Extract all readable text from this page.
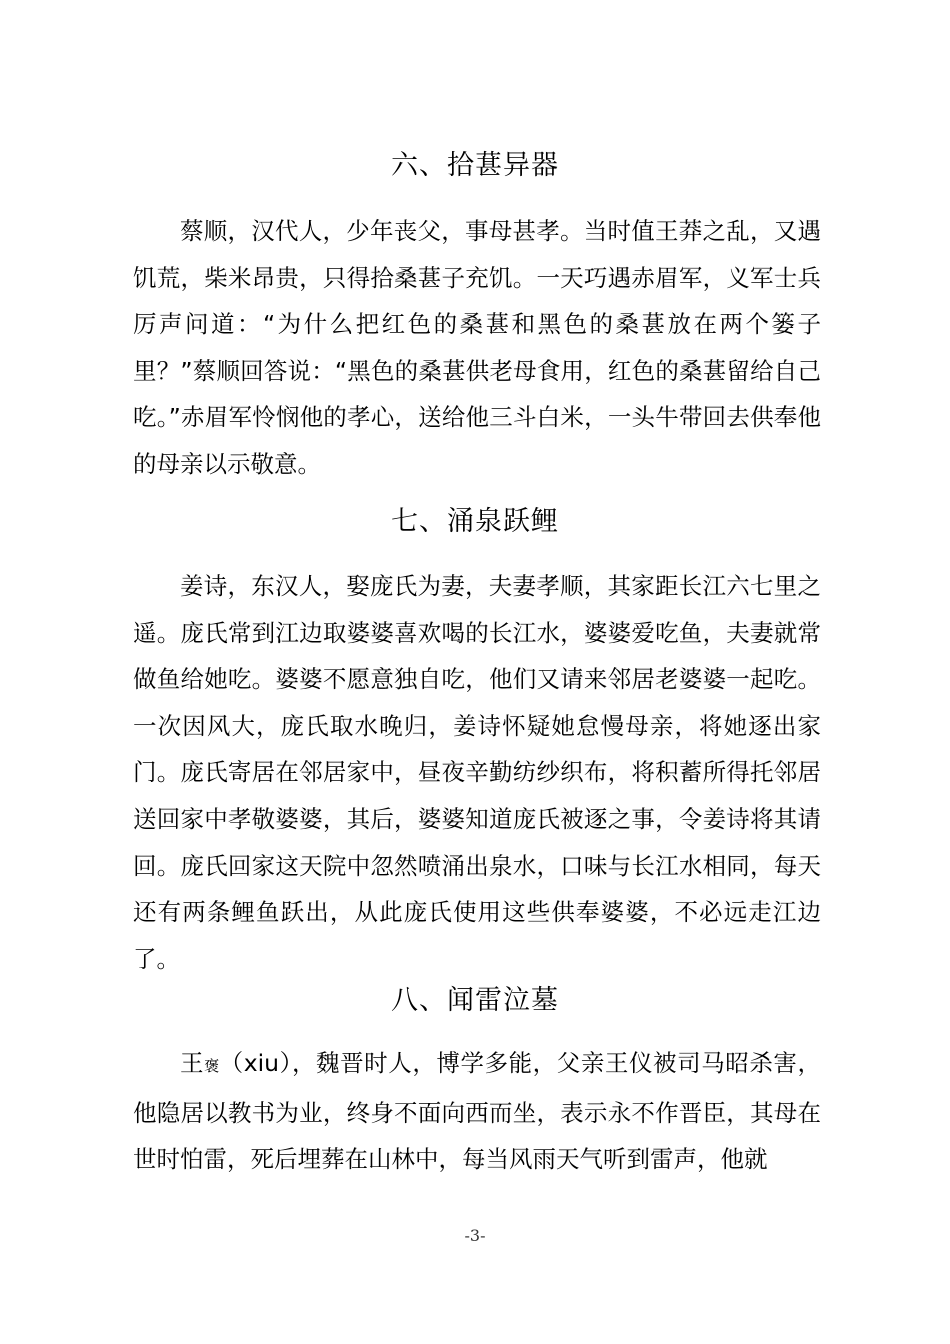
六、拾葚异器

蔡顺，汉代人，少年丧父，事母甚孝。当时值王莽之乱，又遇饥荒，柴米昂贵，只得拾桑葚子充饥。一天巧遇赤眉军，义军士兵厉声问道：“为什么把红色的桑葚和黑色的桑葚放在两个篓子里？”蔡顺回答说：“黑色的桑葚供老母食用，红色的桑葚留给自己吃。”赤眉军怜悯他的孝心，送给他三斗白米，一头牛带回去供奉他的母亲以示敬意。

七、涌泉跃鲤

姜诗，东汉人，娶庞氏为妻，夫妻孝顺，其家距长江六七里之遥。庞氏常到江边取婆婆喜欢喝的长江水，婆婆爱吃鱼，夫妻就常做鱼给她吃。婆婆不愿意独自吃，他们又请来邻居老婆婆一起吃。一次因风大，庞氏取水晚归，姜诗怀疑她怠慢母亲，将她逐出家门。庞氏寄居在邻居家中，昼夜辛勤纺纱织布，将积蓄所得托邻居送回家中孝敬婆婆，其后，婆婆知道庞氏被逐之事，令姜诗将其请回。庞氏回家这天院中忽然喷涌出泉水，口味与长江水相同，每天还有两条鲤鱼跃出，从此庞氏使用这些供奉婆婆，不必远走江边了。

八、闻雷泣墓

王褒（xiu），魏晋时人，博学多能，父亲王仪被司马昭杀害，他隐居以教书为业，终身不面向西而坐，表示永不作晋臣，其母在世时怕雷，死后埋葬在山林中，每当风雨天气听到雷声，他就

-3-
